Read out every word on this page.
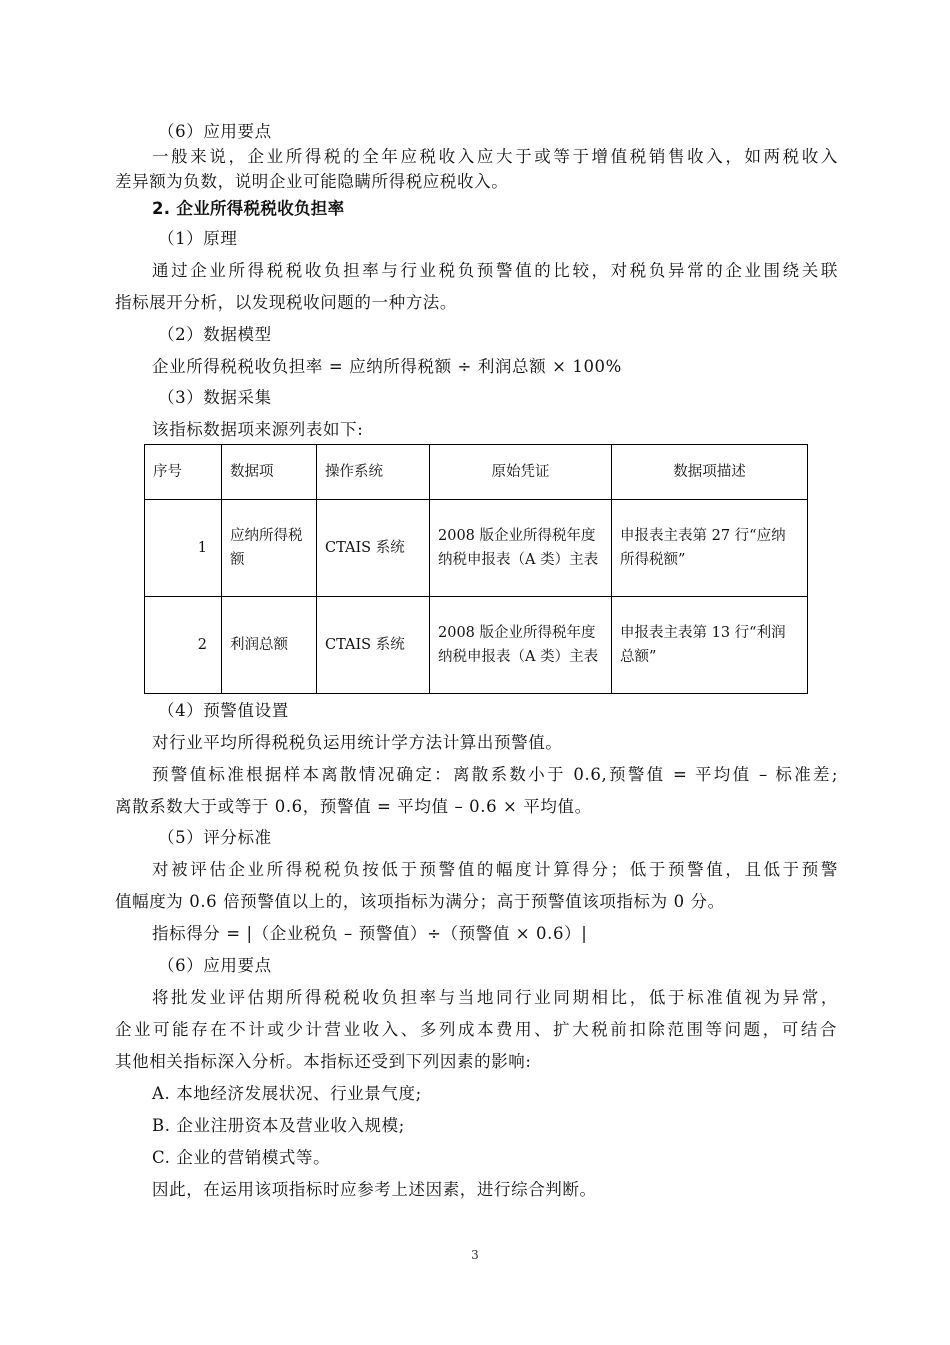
（6）应用要点
一般来说，企业所得税的全年应税收入应大于或等于增值税销售收入，如两税收入
差异额为负数，说明企业可能隐瞒所得税应税收入。
2. 企业所得税税收负担率
（1）原理
通过企业所得税税收负担率与行业税负预警值的比较，对税负异常的企业围绕关联
指标展开分析，以发现税收问题的一种方法。
（2）数据模型
企业所得税税收负担率 = 应纳所得税额 ÷ 利润总额 × 100%
（3）数据采集
该指标数据项来源列表如下:
序号	数据项	操作系统	原始凭证	数据项描述
1	应纳所得税额	CTAIS 系统	2008 版企业所得税年度纳税申报表（A 类）主表	申报表主表第 27 行“应纳所得税额”
2	利润总额	CTAIS 系统	2008 版企业所得税年度纳税申报表（A 类）主表	申报表主表第 13 行“利润总额”
（4）预警值设置
对行业平均所得税税负运用统计学方法计算出预警值。
预警值标准根据样本离散情况确定：离散系数小于 0.6,预警值 = 平均值 – 标准差;
离散系数大于或等于 0.6，预警值 = 平均值 – 0.6 × 平均值。
（5）评分标准
对被评估企业所得税税负按低于预警值的幅度计算得分；低于预警值，且低于预警
值幅度为 0.6 倍预警值以上的，该项指标为满分；高于预警值该项指标为 0 分。
指标得分 = |（企业税负 – 预警值）÷（预警值 × 0.6）|
（6）应用要点
将批发业评估期所得税税收负担率与当地同行业同期相比，低于标准值视为异常，
企业可能存在不计或少计营业收入、多列成本费用、扩大税前扣除范围等问题，可结合
其他相关指标深入分析。本指标还受到下列因素的影响:
A. 本地经济发展状况、行业景气度;
B. 企业注册资本及营业收入规模;
C. 企业的营销模式等。
因此，在运用该项指标时应参考上述因素，进行综合判断。
3
